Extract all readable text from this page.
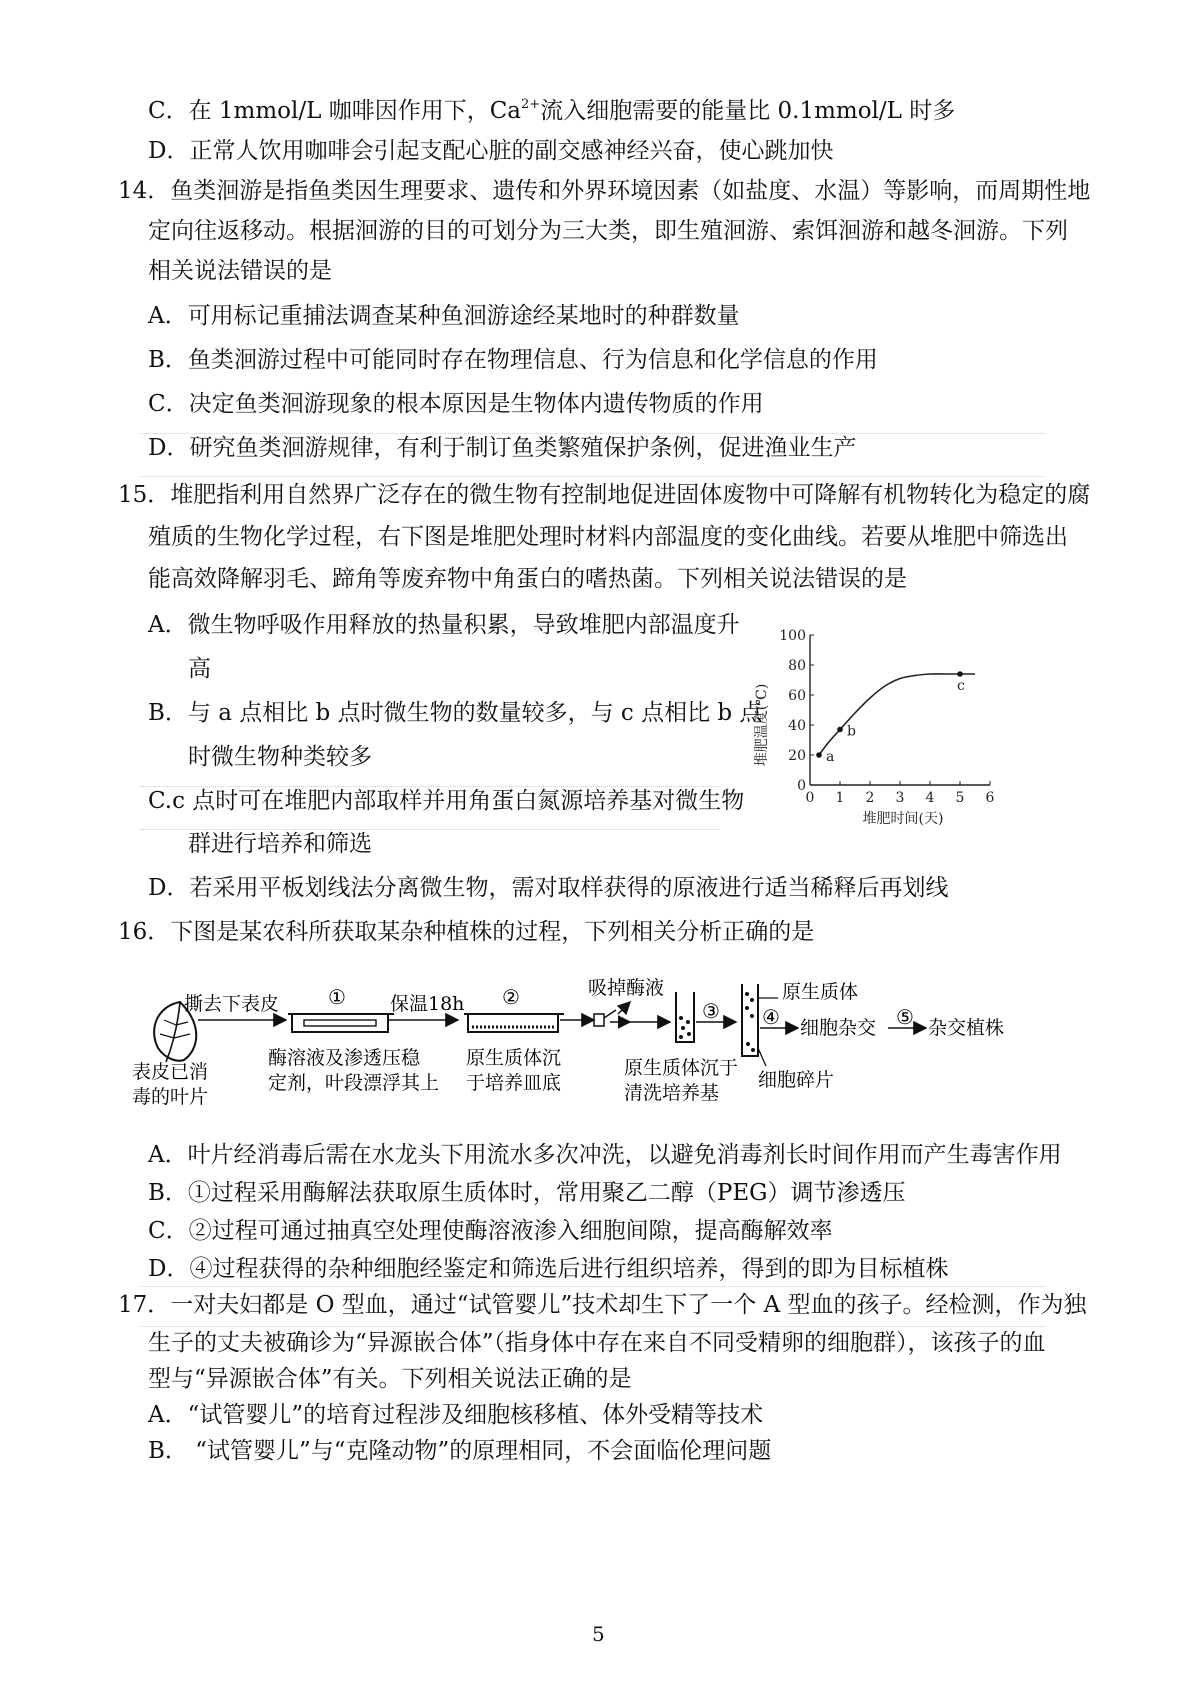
C．在 1mmol/L 咖啡因作用下，$Ca^{2+}$流入细胞需要的能量比 0.1mmol/L 时多
D．正常人饮用咖啡会引起支配心脏的副交感神经兴奋，使心跳加快
14．鱼类洄游是指鱼类因生理要求、遗传和外界环境因素（如盐度、水温）等影响，而周期性地
定向往返移动。根据洄游的目的可划分为三大类，即生殖洄游、索饵洄游和越冬洄游。下列
相关说法错误的是
A．可用标记重捕法调查某种鱼洄游途经某地时的种群数量
B．鱼类洄游过程中可能同时存在物理信息、行为信息和化学信息的作用
C．决定鱼类洄游现象的根本原因是生物体内遗传物质的作用
D．研究鱼类洄游规律，有利于制订鱼类繁殖保护条例，促进渔业生产
15．堆肥指利用自然界广泛存在的微生物有控制地促进固体废物中可降解有机物转化为稳定的腐
殖质的生物化学过程，右下图是堆肥处理时材料内部温度的变化曲线。若要从堆肥中筛选出
能高效降解羽毛、蹄角等废弃物中角蛋白的嗜热菌。下列相关说法错误的是
A．微生物呼吸作用释放的热量积累，导致堆肥内部温度升
高
B．与 a 点相比 b 点时微生物的数量较多，与 c 点相比 b 点
时微生物种类较多
C.c 点时可在堆肥内部取样并用角蛋白氮源培养基对微生物
群进行培养和筛选
D．若采用平板划线法分离微生物，需对取样获得的原液进行适当稀释后再划线
0 1 2 3 4 5 6
0
20
40
60
80
100
a
b
c
堆肥温度(℃)
堆肥时间(天)
16．下图是某农科所获取某杂种植株的过程，下列相关分析正确的是
表皮已消
毒的叶片
撕去下表皮 ①
酶溶液及渗透压稳
定剂，叶段漂浮其上
保温18h ②
原生质体沉
于培养皿底
吸掉酶液
原生质体沉于
清洗培养基
③
原生质体
细胞碎片
④ 细胞杂交 ⑤ 杂交植株
A．叶片经消毒后需在水龙头下用流水多次冲洗，以避免消毒剂长时间作用而产生毒害作用
B．①过程采用酶解法获取原生质体时，常用聚乙二醇（PEG）调节渗透压
C．②过程可通过抽真空处理使酶溶液渗入细胞间隙，提高酶解效率
D．④过程获得的杂种细胞经鉴定和筛选后进行组织培养，得到的即为目标植株
17．一对夫妇都是 O 型血，通过“试管婴儿”技术却生下了一个 A 型血的孩子。经检测，作为独
生子的丈夫被确诊为“异源嵌合体”（指身体中存在来自不同受精卵的细胞群），该孩子的血
型与“异源嵌合体”有关。下列相关说法正确的是
A．“试管婴儿”的培育过程涉及细胞核移植、体外受精等技术
B． “试管婴儿”与“克隆动物”的原理相同，不会面临伦理问题
5
